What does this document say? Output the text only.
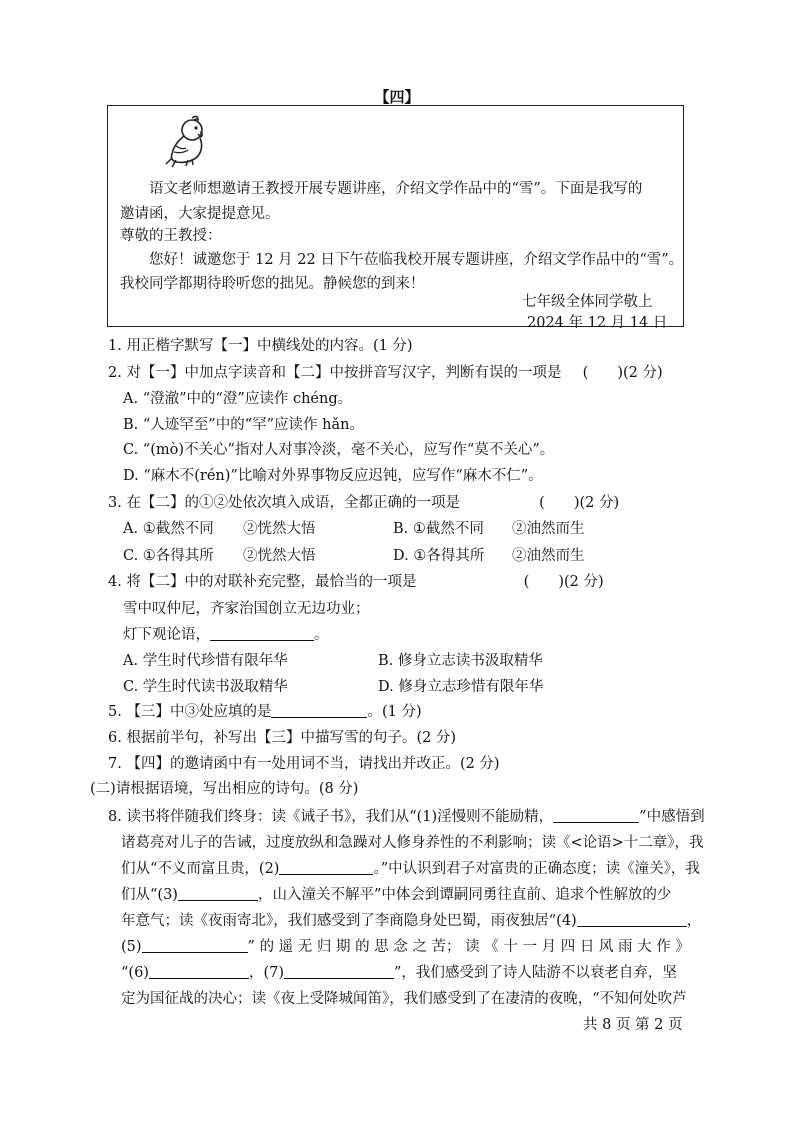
【四】
语文老师想邀请王教授开展专题讲座，介绍文学作品中的“雪”。下面是我写的
邀请函，大家提提意见。
尊敬的王教授：
您好！诚邀您于 12 月 22 日下午莅临我校开展专题讲座，介绍文学作品中的“雪”。
我校同学都期待聆听您的拙见。静候您的到来！
七年级全体同学敬上
2024 年 12 月 14 日
1. 用正楷字默写【一】中横线处的内容。(1 分)
2. 对【一】中加点字读音和【二】中按拼音写汉字，判断有误的一项是 (　　)(2 分)
A. “澄澈”中的“澄”应读作 chéng。
B. “人迹罕至”中的“罕”应读作 hǎn。
C. “(mò)不关心”指对人对事冷淡，毫不关心，应写作“莫不关心”。
D. “麻木不(rén)”比喻对外界事物反应迟钝，应写作“麻木不仁”。
3. 在【二】的①②处依次填入成语，全都正确的一项是	(　　)(2 分)
A. ①截然不同 ②恍然大悟	B. ①截然不同 ②油然而生
C. ①各得其所 ②恍然大悟	D. ①各得其所 ②油然而生
4. 将【二】中的对联补充完整，最恰当的一项是	(　　)(2 分)
雪中叹仲尼，齐家治国创立无边功业；
灯下观论语，	。
A. 学生时代珍惜有限年华	B. 修身立志读书汲取精华
C. 学生时代读书汲取精华	D. 修身立志珍惜有限年华
5. 【三】中③处应填的是	。(1 分)
6. 根据前半句，补写出【三】中描写雪的句子。(2 分)
7. 【四】的邀请函中有一处用词不当，请找出并改正。(2 分)
(二)请根据语境，写出相应的诗句。(8 分)
8. 读书将伴随我们终身：读《诫子书》，我们从“(1)淫慢则不能励精，	”中感悟到
诸葛亮对儿子的告诫，过度放纵和急躁对人修身养性的不利影响；读《<论语>十二章》，我
们从“不义而富且贵，(2)	。”中认识到君子对富贵的正确态度；读《潼关》，我
们从“(3)	，山入潼关不解平”中体会到谭嗣同勇往直前、追求个性解放的少
年意气；读《夜雨寄北》，我们感受到了李商隐身处巴蜀，雨夜独居“(4)	，
(5)	” 的 遥 无 归 期 的 思 念 之 苦； 读 《 十 一 月 四 日 风 雨 大 作 》
“(6)	，(7)	”，我们感受到了诗人陆游不以衰老自弃，坚
定为国征战的决心；读《夜上受降城闻笛》，我们感受到了在凄清的夜晚，“不知何处吹芦
共 8 页 第 2 页
